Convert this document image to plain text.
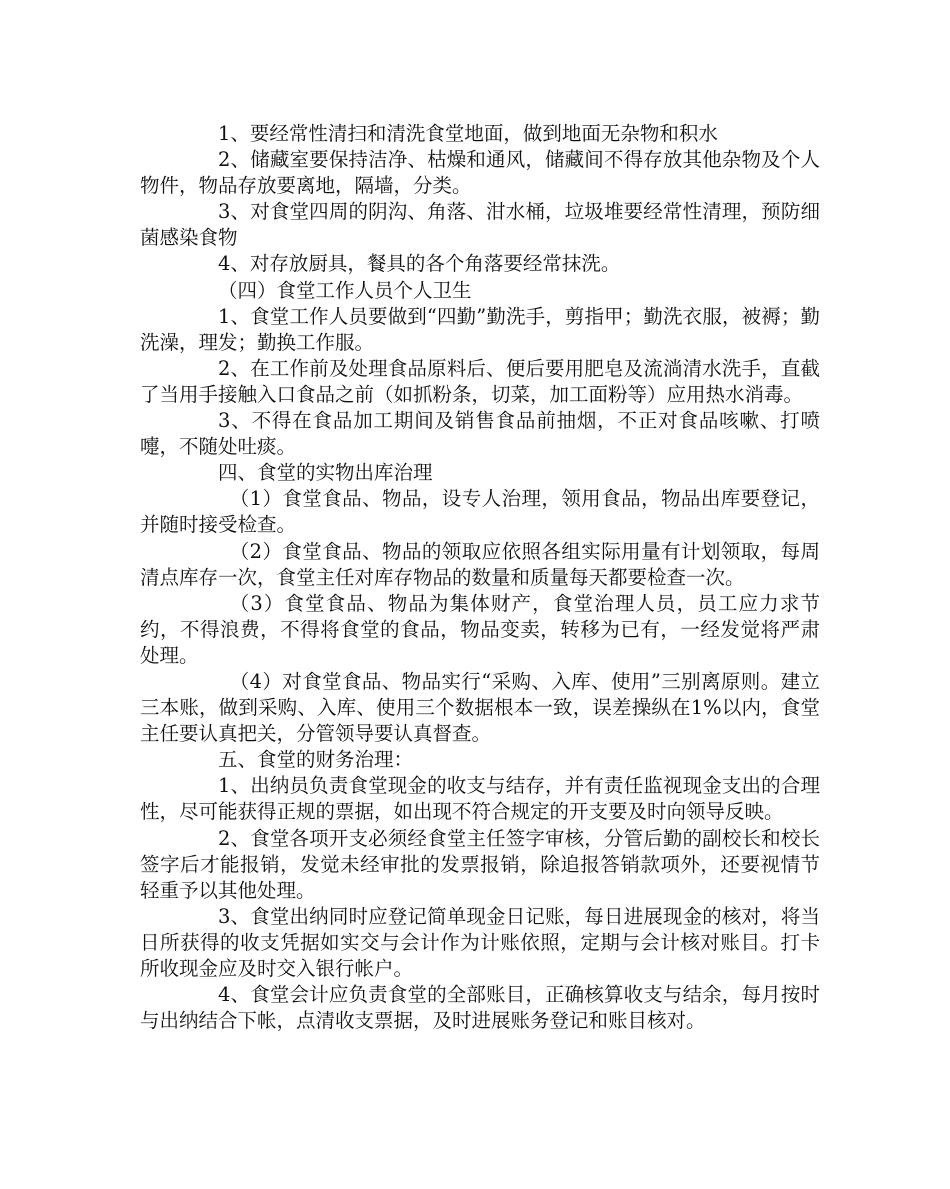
1、要经常性清扫和清洗食堂地面，做到地面无杂物和积水

2、储藏室要保持洁净、枯燥和通风，储藏间不得存放其他杂物及个人物件，物品存放要离地，隔墙，分类。

3、对食堂四周的阴沟、角落、泔水桶，垃圾堆要经常性清理，预防细菌感染食物

4、对存放厨具，餐具的各个角落要经常抹洗。

（四）食堂工作人员个人卫生

1、食堂工作人员要做到“四勤”勤洗手，剪指甲；勤洗衣服，被褥；勤洗澡，理发；勤换工作服。

2、在工作前及处理食品原料后、便后要用肥皂及流淌清水洗手，直截了当用手接触入口食品之前（如抓粉条，切菜，加工面粉等）应用热水消毒。

3、不得在食品加工期间及销售食品前抽烟，不正对食品咳嗽、打喷嚏，不随处吐痰。

四、食堂的实物出库治理

（1）食堂食品、物品，设专人治理，领用食品，物品出库要登记，并随时接受检查。

（2）食堂食品、物品的领取应依照各组实际用量有计划领取，每周清点库存一次，食堂主任对库存物品的数量和质量每天都要检查一次。

（3）食堂食品、物品为集体财产，食堂治理人员，员工应力求节约，不得浪费，不得将食堂的食品，物品变卖，转移为已有，一经发觉将严肃处理。

（4）对食堂食品、物品实行“采购、入库、使用”三别离原则。建立三本账，做到采购、入库、使用三个数据根本一致，误差操纵在1%以内，食堂主任要认真把关，分管领导要认真督查。

五、食堂的财务治理：

1、出纳员负责食堂现金的收支与结存，并有责任监视现金支出的合理性，尽可能获得正规的票据，如出现不符合规定的开支要及时向领导反映。

2、食堂各项开支必须经食堂主任签字审核，分管后勤的副校长和校长签字后才能报销，发觉未经审批的发票报销，除追报答销款项外，还要视情节轻重予以其他处理。

3、食堂出纳同时应登记简单现金日记账，每日进展现金的核对，将当日所获得的收支凭据如实交与会计作为计账依照，定期与会计核对账目。打卡所收现金应及时交入银行帐户。

4、食堂会计应负责食堂的全部账目，正确核算收支与结余，每月按时与出纳结合下帐，点清收支票据，及时进展账务登记和账目核对。
